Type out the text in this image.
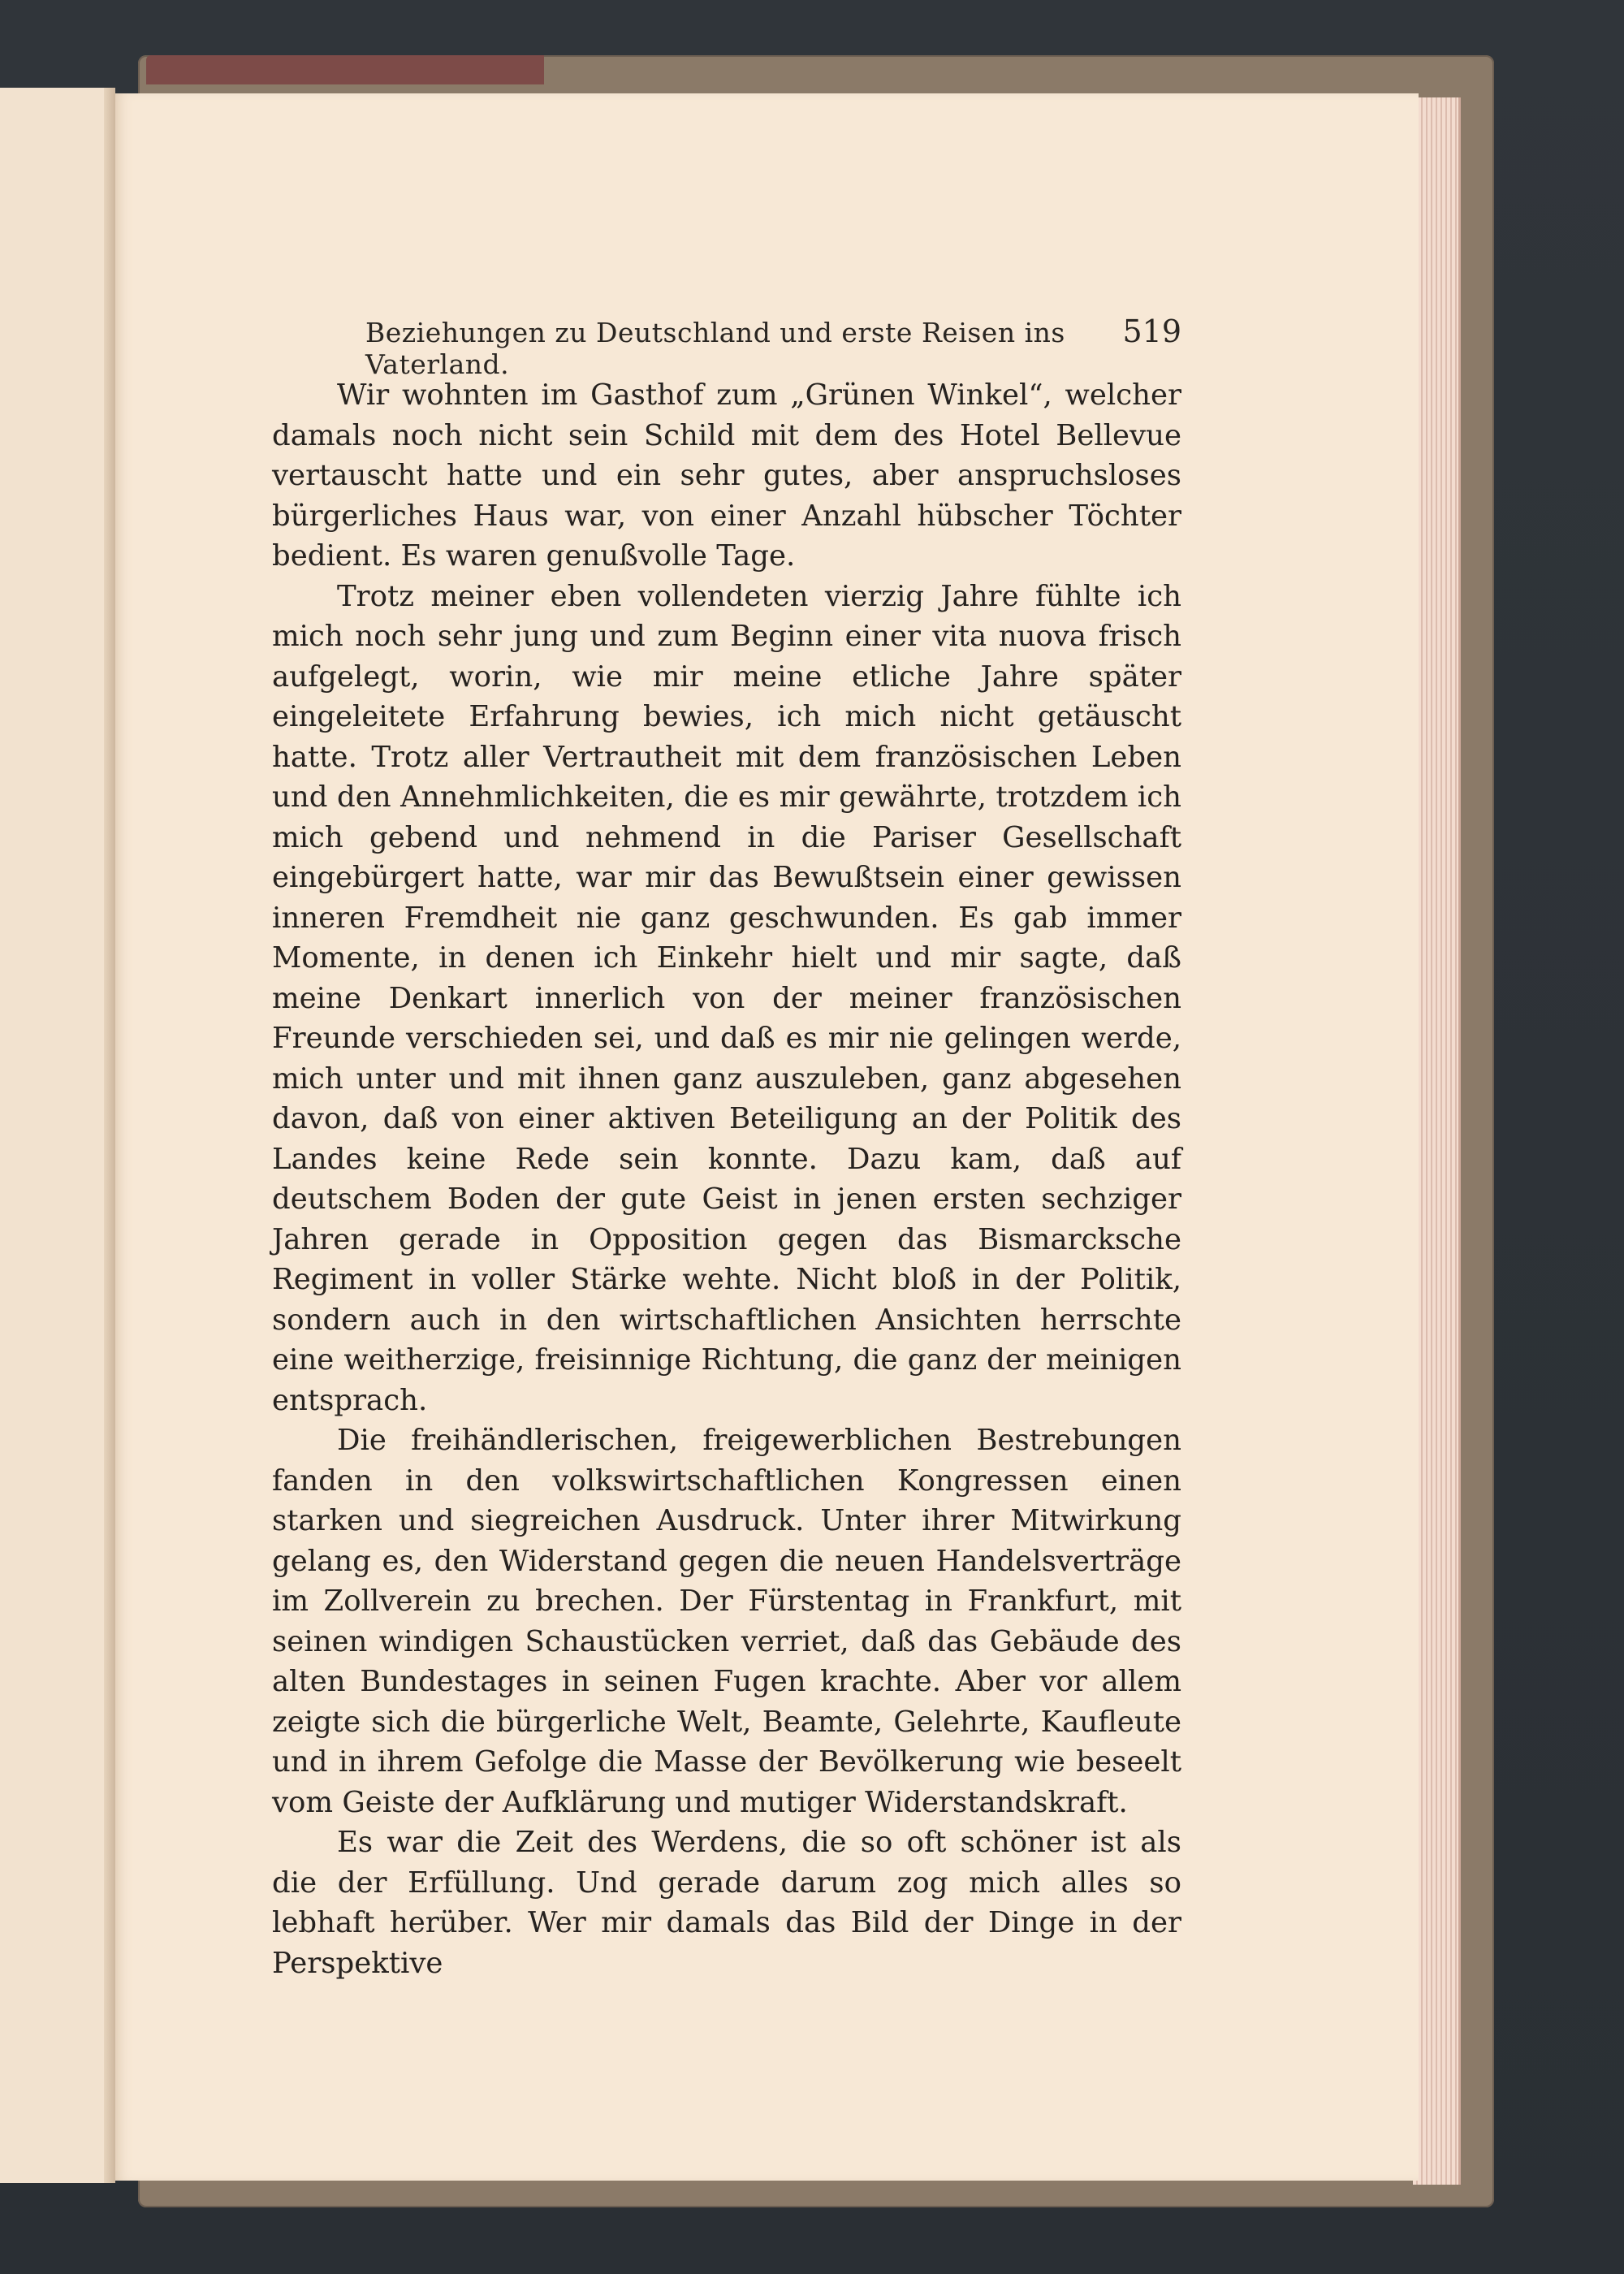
Beziehungen zu Deutschland und erste Reisen ins Vaterland.
519

Wir wohnten im Gasthof zum „Grünen Winkel“, welcher damals noch nicht sein Schild mit dem des Hotel Bellevue vertauscht hatte und ein sehr gutes, aber anspruchsloses bürgerliches Haus war, von einer Anzahl hübscher Töchter bedient. Es waren genußvolle Tage.

Trotz meiner eben vollendeten vierzig Jahre fühlte ich mich noch sehr jung und zum Beginn einer vita nuova frisch aufgelegt, worin, wie mir meine etliche Jahre später eingeleitete Erfahrung bewies, ich mich nicht getäuscht hatte. Trotz aller Vertrautheit mit dem französischen Leben und den Annehmlichkeiten, die es mir gewährte, trotzdem ich mich gebend und nehmend in die Pariser Gesellschaft eingebürgert hatte, war mir das Bewußtsein einer gewissen inneren Fremdheit nie ganz geschwunden. Es gab immer Momente, in denen ich Einkehr hielt und mir sagte, daß meine Denkart innerlich von der meiner französischen Freunde verschieden sei, und daß es mir nie gelingen werde, mich unter und mit ihnen ganz auszuleben, ganz abgesehen davon, daß von einer aktiven Beteiligung an der Politik des Landes keine Rede sein konnte. Dazu kam, daß auf deutschem Boden der gute Geist in jenen ersten sechziger Jahren gerade in Opposition gegen das Bismarcksche Regiment in voller Stärke wehte. Nicht bloß in der Politik, sondern auch in den wirtschaftlichen Ansichten herrschte eine weitherzige, freisinnige Richtung, die ganz der meinigen entsprach.

Die freihändlerischen, freigewerblichen Bestrebungen fanden in den volkswirtschaftlichen Kongressen einen starken und siegreichen Ausdruck. Unter ihrer Mitwirkung gelang es, den Widerstand gegen die neuen Handelsverträge im Zollverein zu brechen. Der Fürstentag in Frankfurt, mit seinen windigen Schaustücken verriet, daß das Gebäude des alten Bundestages in seinen Fugen krachte. Aber vor allem zeigte sich die bürgerliche Welt, Beamte, Gelehrte, Kaufleute und in ihrem Gefolge die Masse der Bevölkerung wie beseelt vom Geiste der Aufklärung und mutiger Widerstandskraft.

Es war die Zeit des Werdens, die so oft schöner ist als die der Erfüllung. Und gerade darum zog mich alles so lebhaft herüber. Wer mir damals das Bild der Dinge in der Perspektive
